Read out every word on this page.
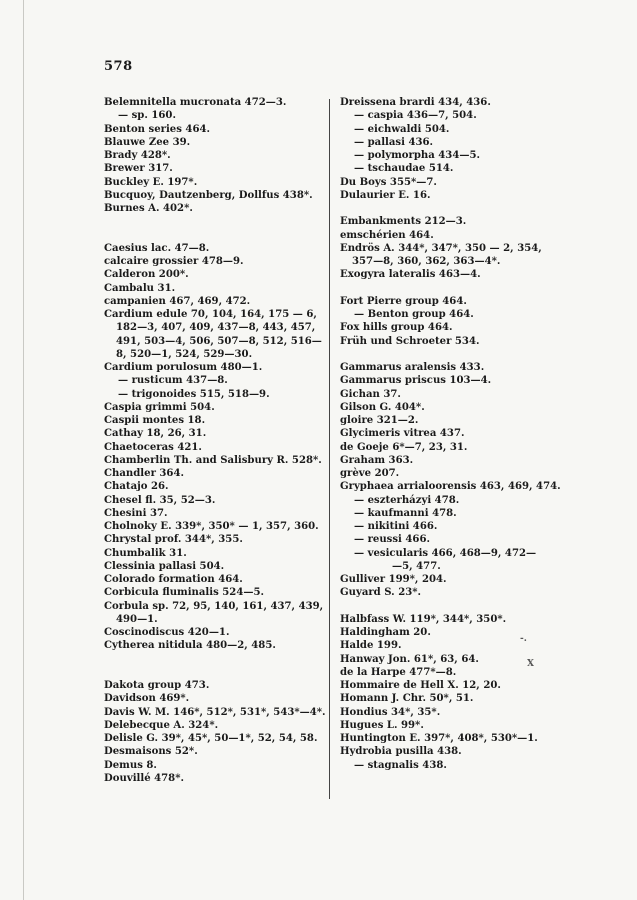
578
Belemnitella mucronata 472—3.
— sp. 160.
Benton series 464.
Blauwe Zee 39.
Brady 428*.
Brewer 317.
Buckley E. 197*.
Bucquoy, Dautzenberg, Dollfus 438*.
Burnes A. 402*.
Caesius lac. 47—8.
calcaire grossier 478—9.
Calderon 200*.
Cambalu 31.
campanien 467, 469, 472.
Cardium edule 70, 104, 164, 175 — 6,
182—3, 407, 409, 437—8, 443, 457,
491, 503—4, 506, 507—8, 512, 516—
8, 520—1, 524, 529—30.
Cardium porulosum 480—1.
— rusticum 437—8.
— trigonoides 515, 518—9.
Caspia grimmi 504.
Caspii montes 18.
Cathay 18, 26, 31.
Chaetoceras 421.
Chamberlin Th. and Salisbury R. 528*.
Chandler 364.
Chatajo 26.
Chesel fl. 35, 52—3.
Chesini 37.
Cholnoky E. 339*, 350* — 1, 357, 360.
Chrystal prof. 344*, 355.
Chumbalik 31.
Clessinia pallasi 504.
Colorado formation 464.
Corbicula fluminalis 524—5.
Corbula sp. 72, 95, 140, 161, 437, 439,
490—1.
Coscinodiscus 420—1.
Cytherea nitidula 480—2, 485.
Dakota group 473.
Davidson 469*.
Davis W. M. 146*, 512*, 531*, 543*—4*.
Delebecque A. 324*.
Delisle G. 39*, 45*, 50—1*, 52, 54, 58.
Desmaisons 52*.
Demus 8.
Douvillé 478*.
Dreissena brardi 434, 436.
— caspia 436—7, 504.
— eichwaldi 504.
— pallasi 436.
— polymorpha 434—5.
— tschaudae 514.
Du Boys 355*—7.
Dulaurier E. 16.
Embankments 212—3.
emschérien 464.
Endrös A. 344*, 347*, 350 — 2, 354,
357—8, 360, 362, 363—4*.
Exogyra lateralis 463—4.
Fort Pierre group 464.
— Benton group 464.
Fox hills group 464.
Früh und Schroeter 534.
Gammarus aralensis 433.
Gammarus priscus 103—4.
Gichan 37.
Gilson G. 404*.
gloire 321—2.
Glycimeris vitrea 437.
de Goeje 6*—7, 23, 31.
Graham 363.
grève 207.
Gryphaea arrialoorensis 463, 469, 474.
— eszterházyi 478.
— kaufmanni 478.
— nikitini 466.
— reussi 466.
— vesicularis 466, 468—9, 472—
—5, 477.
Gulliver 199*, 204.
Guyard S. 23*.
Halbfass W. 119*, 344*, 350*.
Haldingham 20.
Halde 199.
Hanway Jon. 61*, 63, 64.
de la Harpe 477*—8.
Hommaire de Hell X. 12, 20.
Homann J. Chr. 50*, 51.
Hondius 34*, 35*.
Hugues L. 99*.
Huntington E. 397*, 408*, 530*—1.
Hydrobia pusilla 438.
— stagnalis 438.
-.
X
